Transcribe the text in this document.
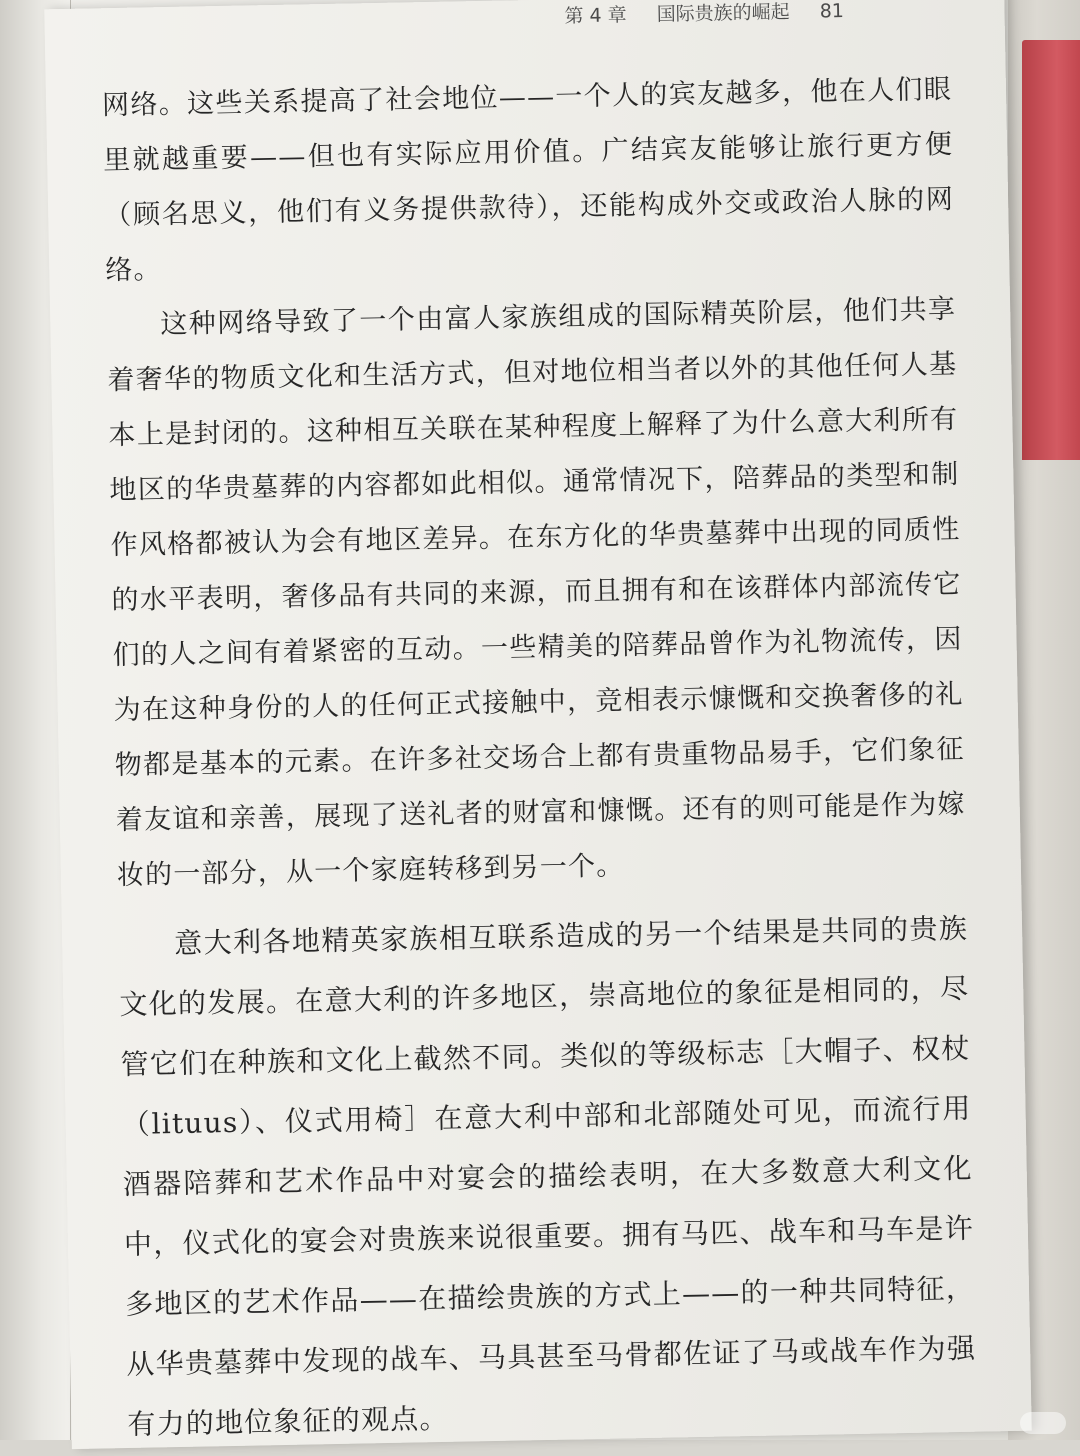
第 4 章 国际贵族的崛起 81

网络。这些关系提高了社会地位——一个人的宾友越多，他在人们眼里就越重要——但也有实际应用价值。广结宾友能够让旅行更方便（顾名思义，他们有义务提供款待），还能构成外交或政治人脉的网络。

这种网络导致了一个由富人家族组成的国际精英阶层，他们共享着奢华的物质文化和生活方式，但对地位相当者以外的其他任何人基本上是封闭的。这种相互关联在某种程度上解释了为什么意大利所有地区的华贵墓葬的内容都如此相似。通常情况下，陪葬品的类型和制作风格都被认为会有地区差异。在东方化的华贵墓葬中出现的同质性的水平表明，奢侈品有共同的来源，而且拥有和在该群体内部流传它们的人之间有着紧密的互动。一些精美的陪葬品曾作为礼物流传，因为在这种身份的人的任何正式接触中，竞相表示慷慨和交换奢侈的礼物都是基本的元素。在许多社交场合上都有贵重物品易手，它们象征着友谊和亲善，展现了送礼者的财富和慷慨。还有的则可能是作为嫁妆的一部分，从一个家庭转移到另一个。

意大利各地精英家族相互联系造成的另一个结果是共同的贵族文化的发展。在意大利的许多地区，崇高地位的象征是相同的，尽管它们在种族和文化上截然不同。类似的等级标志［大帽子、权杖（lituus）、仪式用椅］在意大利中部和北部随处可见，而流行用酒器陪葬和艺术作品中对宴会的描绘表明，在大多数意大利文化中，仪式化的宴会对贵族来说很重要。拥有马匹、战车和马车是许多地区的艺术作品——在描绘贵族的方式上——的一种共同特征，从华贵墓葬中发现的战车、马具甚至马骨都佐证了马或战车作为强有力的地位象征的观点。
